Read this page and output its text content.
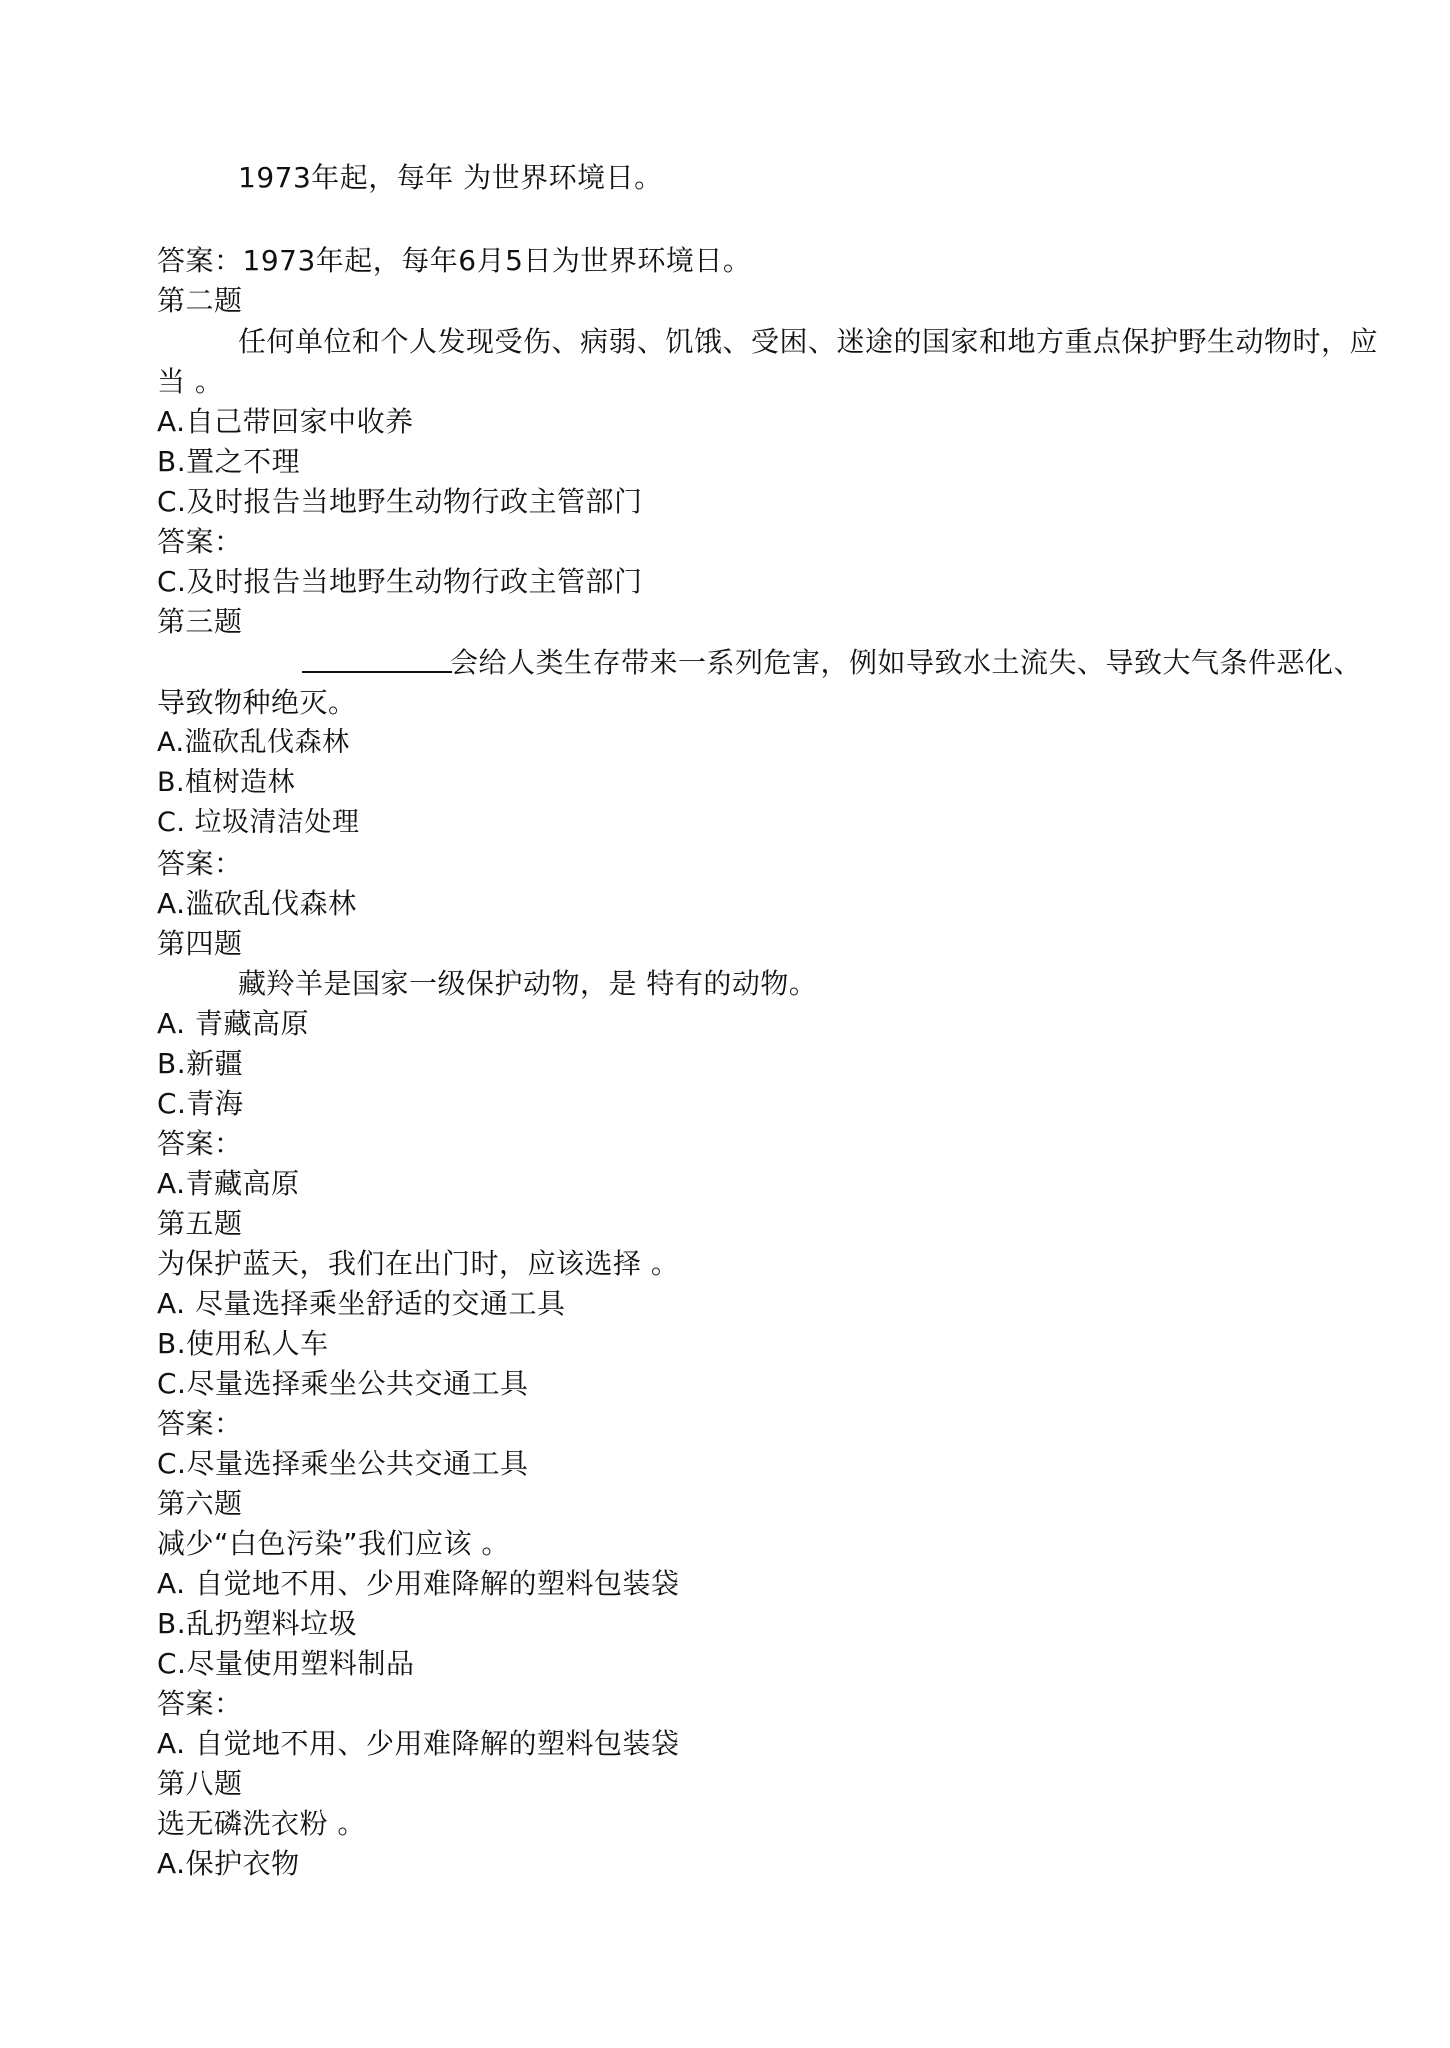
1973年起，每年 为世界环境日。
答案：1973年起，每年6月5日为世界环境日。
第二题
任何单位和个人发现受伤、病弱、饥饿、受困、迷途的国家和地方重点保护野生动物时，应
当 。
A.自己带回家中收养
B.置之不理
C.及时报告当地野生动物行政主管部门
答案：
C.及时报告当地野生动物行政主管部门
第三题
会给人类生存带来一系列危害，例如导致水土流失、导致大气条件恶化、
导致物种绝灭。
A.滥砍乱伐森林
B.植树造林
C. 垃圾清洁处理
答案：
A.滥砍乱伐森林
第四题
藏羚羊是国家一级保护动物，是 特有的动物。
A. 青藏高原
B.新疆
C.青海
答案：
A.青藏高原
第五题
为保护蓝天，我们在出门时，应该选择 。
A. 尽量选择乘坐舒适的交通工具
B.使用私人车
C.尽量选择乘坐公共交通工具
答案：
C.尽量选择乘坐公共交通工具
第六题
减少“白色污染”我们应该 。
A. 自觉地不用、少用难降解的塑料包装袋
B.乱扔塑料垃圾
C.尽量使用塑料制品
答案：
A. 自觉地不用、少用难降解的塑料包装袋
第八题
选无磷洗衣粉 。
A.保护衣物
